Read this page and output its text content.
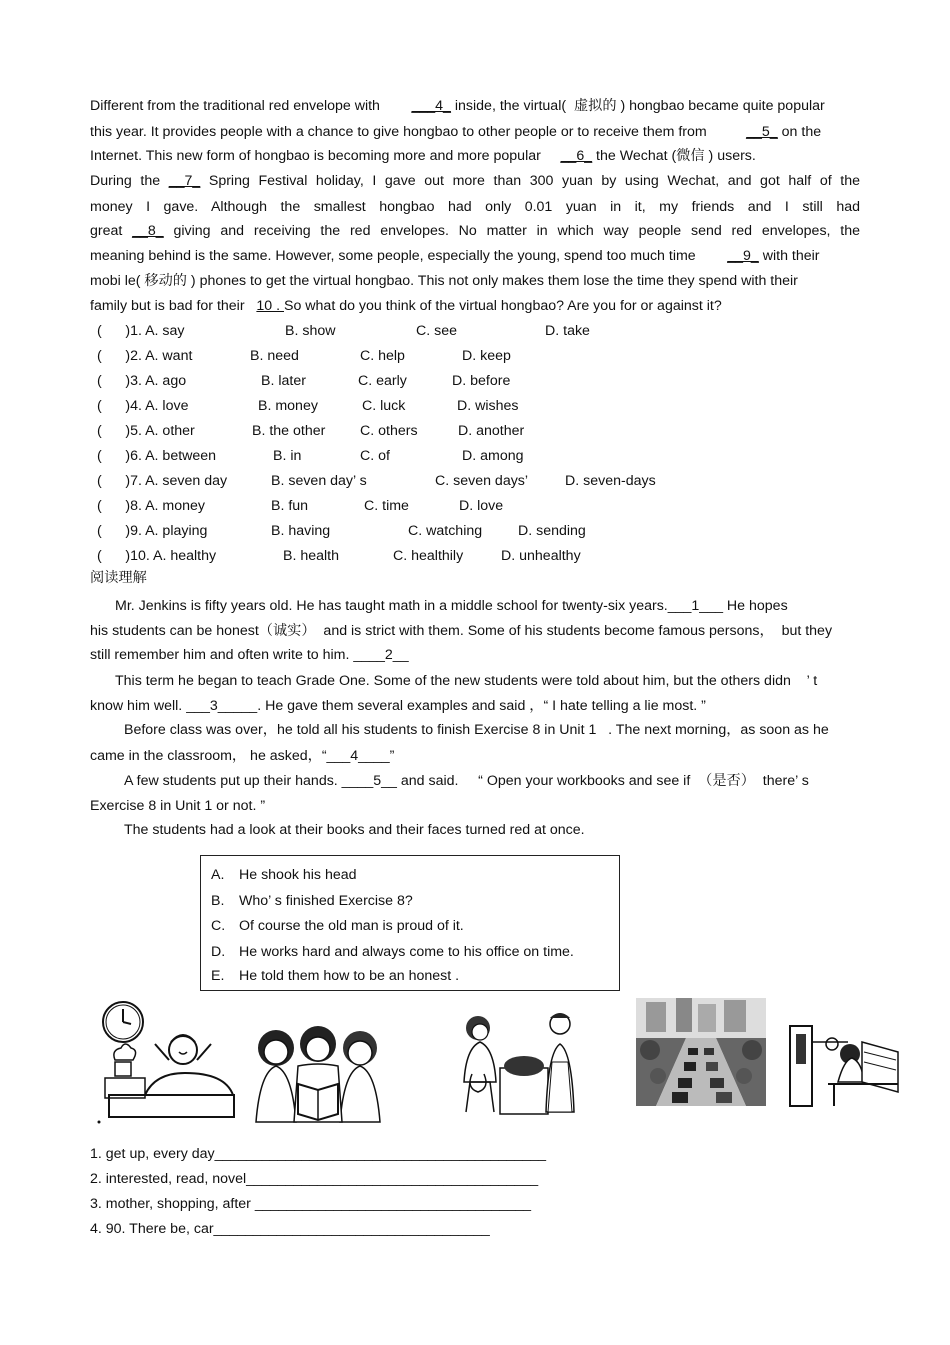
Different from the traditional red envelope with        ___4_ inside, the virtual(  虚拟的 ) hongbao became quite popular
this year. It provides people with a chance to give hongbao to other people or to receive them from          __5_ on the
Internet. This new form of hongbao is becoming more and more popular     __6_ the Wechat (微信 ) users.
During the __7_ Spring Festival holiday, I gave out more than 300 yuan by using Wechat, and got half of the
money I gave. Although the smallest hongbao had only 0.01 yuan in it, my friends and I still had
great __8_ giving and receiving the red envelopes. No matter in which way people send red envelopes, the
meaning behind is the same. However, some people, especially the young, spend too much time        __9_ with their
mobi le( 移动的 ) phones to get the virtual hongbao. This not only makes them lose the time they spend with their
family but is bad for their   10 . So what do you think of the virtual hongbao? Are you for or against it?
(      )1. A. say	B. show	C. see	D. take
(      )2. A. want	B. need	C. help	D. keep
(      )3. A. ago	B. later	C. early	D. before
(      )4. A. love	B. money	C. luck	D. wishes
(      )5. A. other	B. the other C. others	D. another
(      )6. A. between	B. in	C. of	D. among
(      )7. A. seven day	B. seven day’ s	C. seven days’	D. seven-days
(      )8. A. money	B. fun	C. time	D. love
(      )9. A. playing	B. having	C. watching	D. sending
(      )10. A. healthy	B. health	C. healthily	D. unhealthy
阅读理解
Mr. Jenkins is fifty years old. He has taught math in a middle school for twenty-six years.___1___ He hopes
his students can be honest（诚实）  and is strict with them. Some of his students become famous persons，  but they
still remember him and often write to him. ____2__
This term he began to teach Grade One. Some of the new students were told about him, but the others didn    ’ t
know him well. ___3_____. He gave them several examples and said ，“ I hate telling a lie most. ”
Before class was over，he told all his students to finish Exercise 8 in Unit 1   . The next morning，as soon as he
came in the classroom， he asked，“___4____”
A few students put up their hands. ____5__ and said.     “ Open your workbooks and see if  （是否）  there’ s
Exercise 8 in Unit 1 or not. ”
The students had a look at their books and their faces turned red at once.
A. He shook his head
B. Who’ s finished Exercise 8?
C. Of course the old man is proud of it.
D. He works hard and always come to his office on time.
E. He told them how to be an honest .
1. get up, every day__________________________________________
2. interested, read, novel_____________________________________
3. mother, shopping, after ___________________________________
4. 90. There be, car___________________________________
